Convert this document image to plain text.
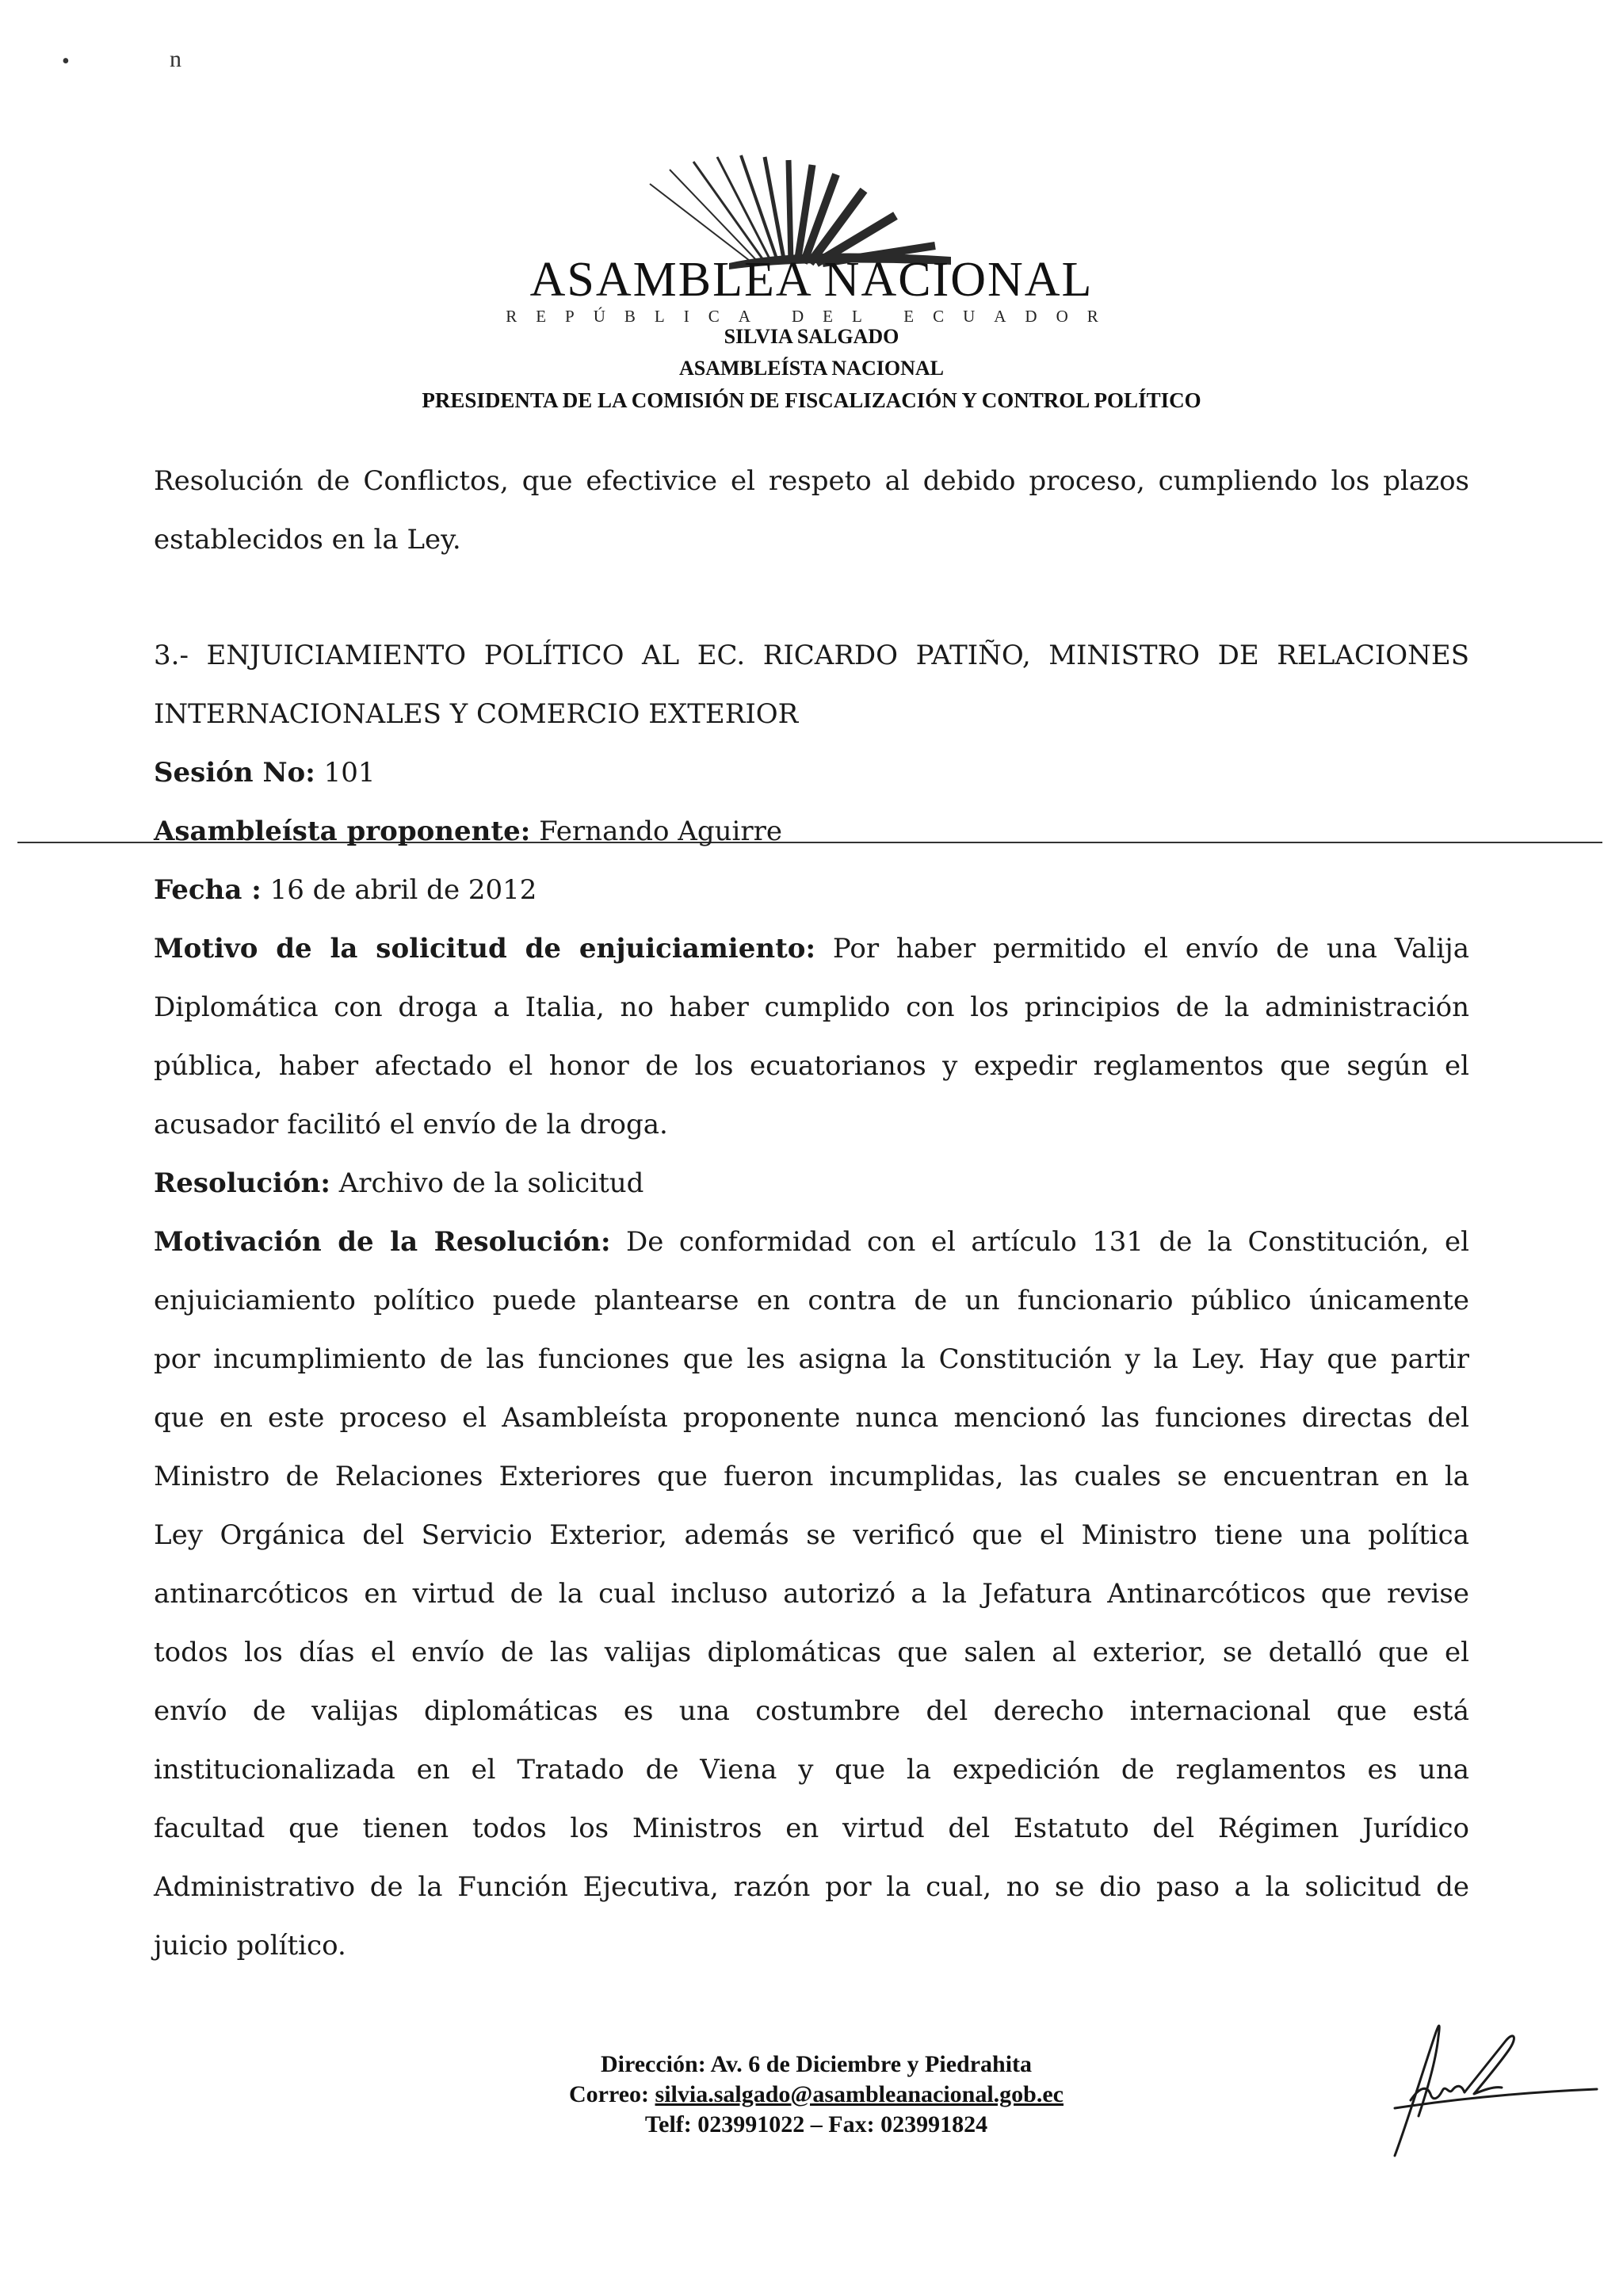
•	n
ASAMBLEA NACIONAL
REPÚBLICA DEL ECUADOR
SILVIA SALGADO
ASAMBLEÍSTA NACIONAL
PRESIDENTA DE LA COMISIÓN DE FISCALIZACIÓN Y CONTROL POLÍTICO
Resolución de Conflictos, que efectivice el respeto al debido proceso, cumpliendo los plazos
establecidos en la Ley.
3.- ENJUICIAMIENTO POLÍTICO AL EC. RICARDO PATIÑO, MINISTRO DE RELACIONES
INTERNACIONALES Y COMERCIO EXTERIOR
Sesión No: 101
Asambleísta proponente: Fernando Aguirre
Fecha : 16 de abril de 2012
Motivo de la solicitud de enjuiciamiento: Por haber permitido el envío de una Valija
Diplomática con droga a Italia, no haber cumplido con los principios de la administración
pública, haber afectado el honor de los ecuatorianos y expedir reglamentos que según el
acusador facilitó el envío de la droga.
Resolución: Archivo de la solicitud
Motivación de la Resolución: De conformidad con el artículo 131 de la Constitución, el
enjuiciamiento político puede plantearse en contra de un funcionario público únicamente
por incumplimiento de las funciones que les asigna la Constitución y la Ley. Hay que partir
que en este proceso el Asambleísta proponente nunca mencionó las funciones directas del
Ministro de Relaciones Exteriores que fueron incumplidas, las cuales se encuentran en la
Ley Orgánica del Servicio Exterior, además se verificó que el Ministro tiene una política
antinarcóticos en virtud de la cual incluso autorizó a la Jefatura Antinarcóticos que revise
todos los días el envío de las valijas diplomáticas que salen al exterior, se detalló que el
envío de valijas diplomáticas es una costumbre del derecho internacional que está
institucionalizada en el Tratado de Viena y que la expedición de reglamentos es una
facultad que tienen todos los Ministros en virtud del Estatuto del Régimen Jurídico
Administrativo de la Función Ejecutiva, razón por la cual, no se dio paso a la solicitud de
juicio político.
Dirección: Av. 6 de Diciembre y Piedrahita
Correo: silvia.salgado@asambleanacional.gob.ec
Telf: 023991022 – Fax: 023991824
